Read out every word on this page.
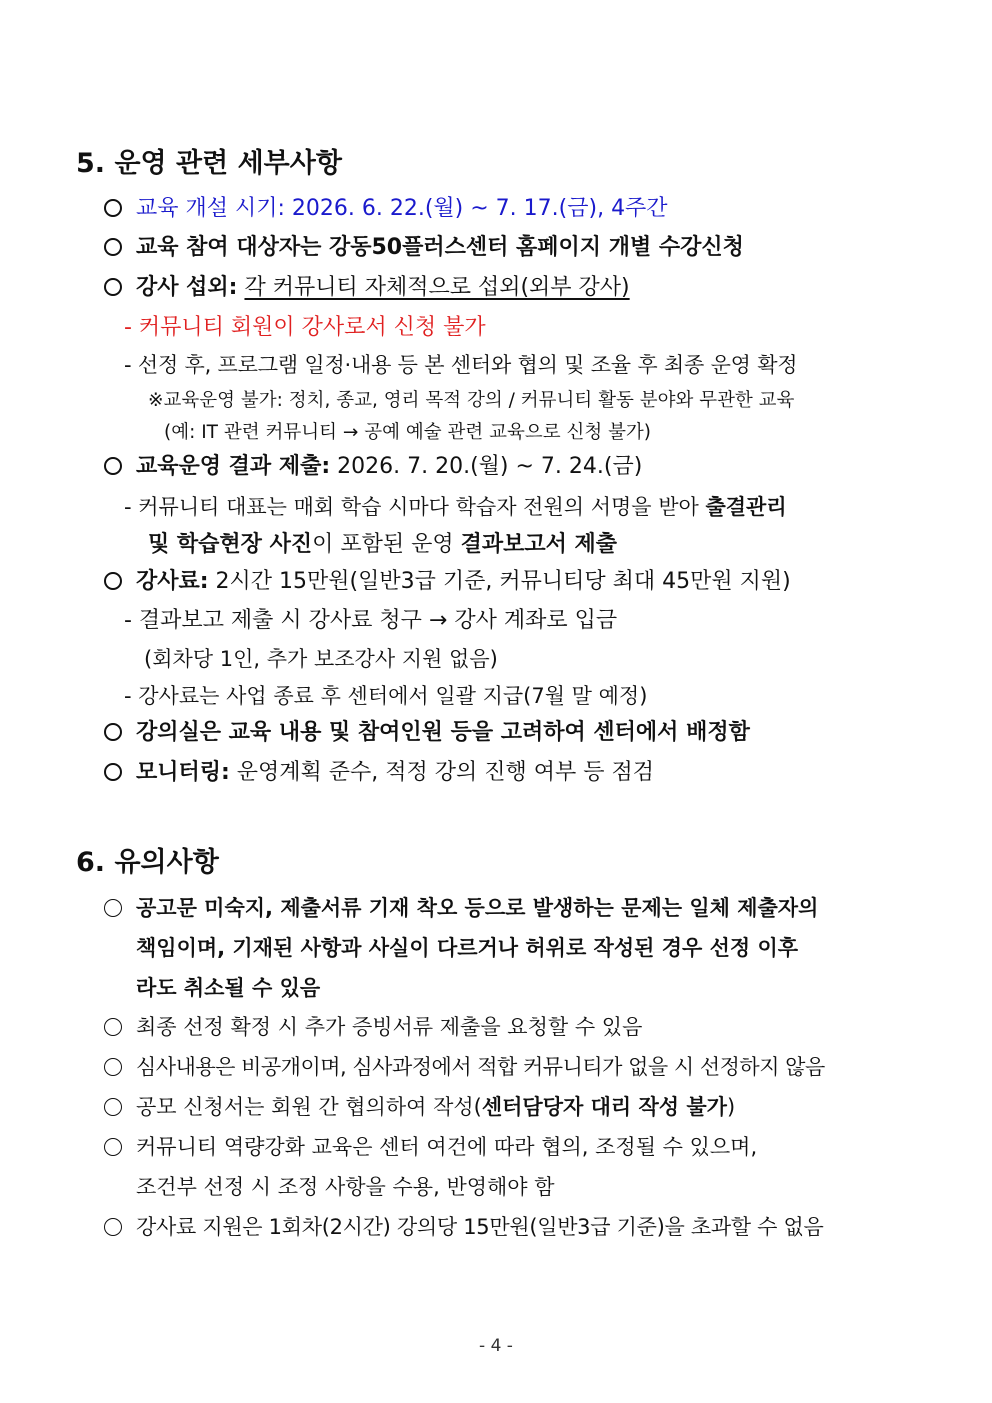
5. 운영 관련 세부사항
교육 개설 시기: 2026. 6. 22.(월) ~ 7. 17.(금), 4주간
교육 참여 대상자는 강동50플러스센터 홈페이지 개별 수강신청
강사 섭외: 각 커뮤니티 자체적으로 섭외(외부 강사)
- 커뮤니티 회원이 강사로서 신청 불가
- 선정 후, 프로그램 일정·내용 등 본 센터와 협의 및 조율 후 최종 운영 확정
※교육운영 불가: 정치, 종교, 영리 목적 강의 / 커뮤니티 활동 분야와 무관한 교육
(예: IT 관련 커뮤니티 → 공예 예술 관련 교육으로 신청 불가)
교육운영 결과 제출: 2026. 7. 20.(월) ~ 7. 24.(금)
- 커뮤니티 대표는 매회 학습 시마다 학습자 전원의 서명을 받아 출결관리
및 학습현장 사진이 포함된 운영 결과보고서 제출
강사료: 2시간 15만원(일반3급 기준, 커뮤니티당 최대 45만원 지원)
- 결과보고 제출 시 강사료 청구 → 강사 계좌로 입금
(회차당 1인, 추가 보조강사 지원 없음)
- 강사료는 사업 종료 후 센터에서 일괄 지급(7월 말 예정)
강의실은 교육 내용 및 참여인원 등을 고려하여 센터에서 배정함
모니터링: 운영계획 준수, 적정 강의 진행 여부 등 점검
6. 유의사항
공고문 미숙지, 제출서류 기재 착오 등으로 발생하는 문제는 일체 제출자의
책임이며, 기재된 사항과 사실이 다르거나 허위로 작성된 경우 선정 이후
라도 취소될 수 있음
최종 선정 확정 시 추가 증빙서류 제출을 요청할 수 있음
심사내용은 비공개이며, 심사과정에서 적합 커뮤니티가 없을 시 선정하지 않음
공모 신청서는 회원 간 협의하여 작성(센터담당자 대리 작성 불가)
커뮤니티 역량강화 교육은 센터 여건에 따라 협의, 조정될 수 있으며,
조건부 선정 시 조정 사항을 수용, 반영해야 함
강사료 지원은 1회차(2시간) 강의당 15만원(일반3급 기준)을 초과할 수 없음
- 4 -
